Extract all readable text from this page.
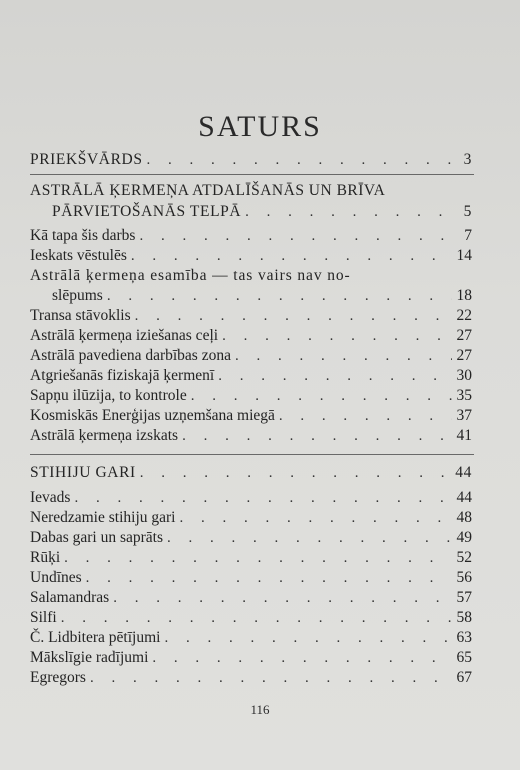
SATURS
PRIEKŠVĀRDS . . .	3
ASTRĀLĀ ĶERMEŅA ATDALĪŠANĀS UN BRĪVA
PĀRVIETOŠANĀS TELPĀ . . .	5
Kā tapa šis darbs . . .	7
Ieskats vēstulēs . . .	14
Astrālā ķermeņa esamība — tas vairs nav no-
slēpums . . .	18
Transa stāvoklis . . .	22
Astrālā ķermeņa iziešanas ceļi . . .	27
Astrālā pavediena darbības zona . . .	27
Atgriešanās fiziskajā ķermenī . . .	30
Sapņu ilūzija, to kontrole . . .	35
Kosmiskās Enerģijas uzņemšana miegā . . .	37
Astrālā ķermeņa izskats . . .	41
STIHIJU GARI . . .	44
Ievads . . .	44
Neredzamie stihiju gari . . .	48
Dabas gari un saprāts . . .	49
Rūķi . . .	52
Undīnes . . .	56
Salamandras . . .	57
Silfi . . .	58
Č. Lidbitera pētījumi . . .	63
Mākslīgie radījumi . . .	65
Egregors . . .	67
116
